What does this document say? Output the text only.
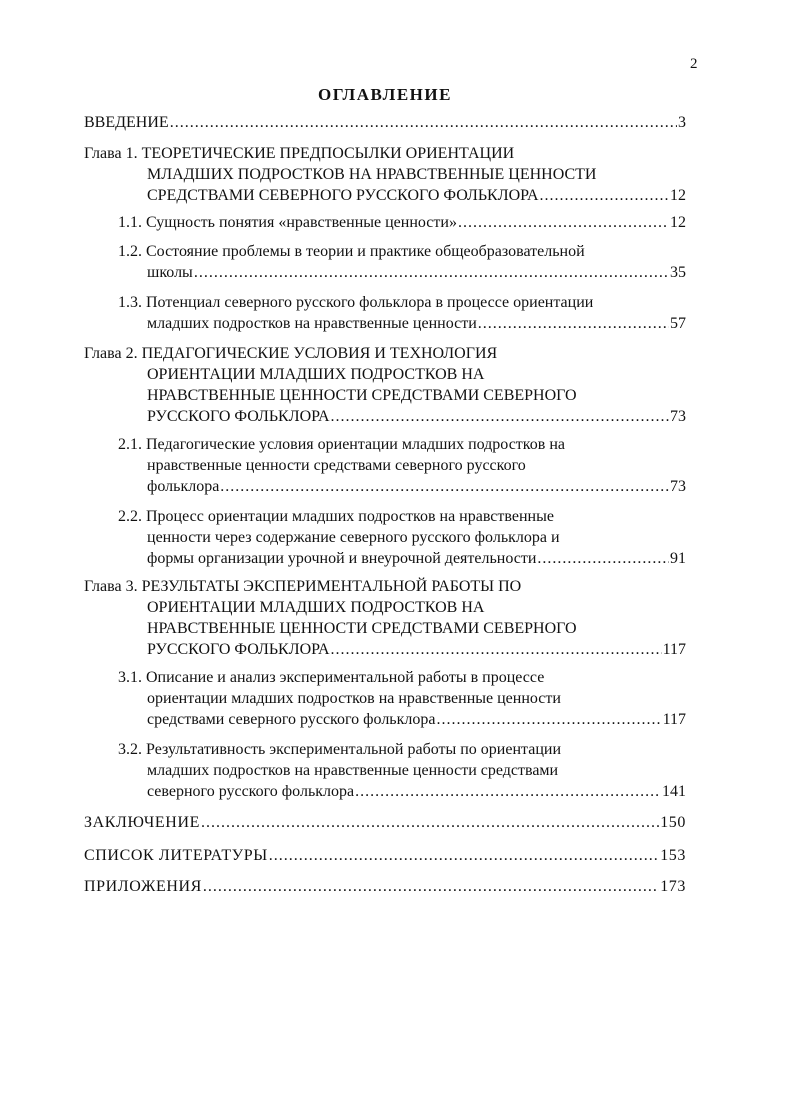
2
ОГЛАВЛЕНИЕ
ВВЕДЕНИЕ .....	3
Глава 1. ТЕОРЕТИЧЕСКИЕ ПРЕДПОСЫЛКИ ОРИЕНТАЦИИ
МЛАДШИХ ПОДРОСТКОВ НА НРАВСТВЕННЫЕ ЦЕННОСТИ
СРЕДСТВАМИ СЕВЕРНОГО РУССКОГО ФОЛЬКЛОРА .....	12
1.1. Сущность понятия «нравственные ценности» .....	12
1.2. Состояние проблемы в теории и практике общеобразовательной
школы .....	35
1.3. Потенциал северного русского фольклора в процессе ориентации
младших подростков на нравственные ценности .....	57
Глава 2. ПЕДАГОГИЧЕСКИЕ УСЛОВИЯ И ТЕХНОЛОГИЯ
ОРИЕНТАЦИИ МЛАДШИХ ПОДРОСТКОВ НА
НРАВСТВЕННЫЕ ЦЕННОСТИ СРЕДСТВАМИ СЕВЕРНОГО
РУССКОГО ФОЛЬКЛОРА .....	73
2.1. Педагогические условия ориентации младших подростков на
нравственные ценности средствами северного русского
фольклора .....	73
2.2. Процесс ориентации младших подростков на нравственные
ценности через содержание северного русского фольклора и
формы организации урочной и внеурочной деятельности .....	91
Глава 3. РЕЗУЛЬТАТЫ ЭКСПЕРИМЕНТАЛЬНОЙ РАБОТЫ ПО
ОРИЕНТАЦИИ МЛАДШИХ ПОДРОСТКОВ НА
НРАВСТВЕННЫЕ ЦЕННОСТИ СРЕДСТВАМИ СЕВЕРНОГО
РУССКОГО ФОЛЬКЛОРА .....	117
3.1. Описание и анализ экспериментальной работы в процессе
ориентации младших подростков на нравственные ценности
средствами северного русского фольклора .....	117
3.2. Результативность экспериментальной работы по ориентации
младших подростков на нравственные ценности средствами
северного русского фольклора .....	141
ЗАКЛЮЧЕНИЕ .....	150
СПИСОК ЛИТЕРАТУРЫ .....	153
ПРИЛОЖЕНИЯ .....	173
